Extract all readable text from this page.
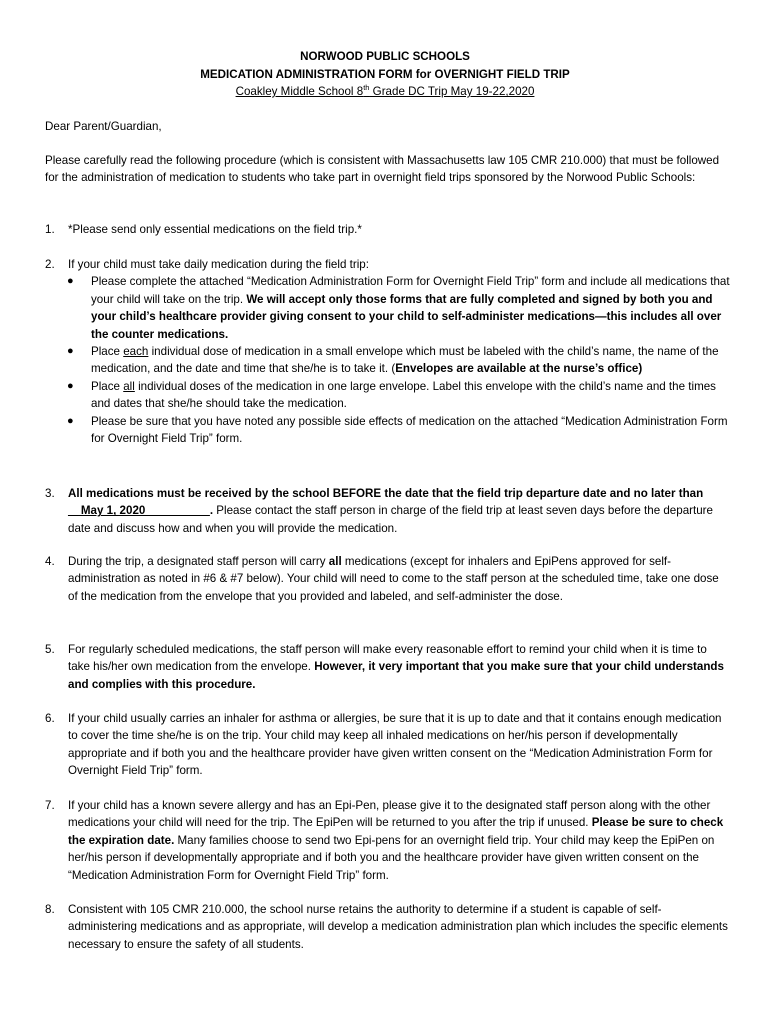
NORWOOD PUBLIC SCHOOLS
MEDICATION ADMINISTRATION FORM for OVERNIGHT FIELD TRIP
Coakley Middle School 8th Grade DC Trip May 19-22,2020
Dear Parent/Guardian,
Please carefully read the following procedure (which is consistent with Massachusetts law 105 CMR 210.000) that must be followed for the administration of medication to students who take part in overnight field trips sponsored by the Norwood Public Schools:
1.	*Please send only essential medications on the field trip.*
2.	If your child must take daily medication during the field trip:
● Please complete the attached “Medication Administration Form for Overnight Field Trip” form and include all medications that your child will take on the trip. We will accept only those forms that are fully completed and signed by both you and your child’s healthcare provider giving consent to your child to self-administer medications—this includes all over the counter medications.
● Place each individual dose of medication in a small envelope which must be labeled with the child’s name, the name of the medication, and the date and time that she/he is to take it. (Envelopes are available at the nurse’s office)
● Place all individual doses of the medication in one large envelope. Label this envelope with the child’s name and the times and dates that she/he should take the medication.
● Please be sure that you have noted any possible side effects of medication on the attached “Medication Administration Form for Overnight Field Trip” form.
3.	All medications must be received by the school BEFORE the date that the field trip departure date and no later than __May 1, 2020__________. Please contact the staff person in charge of the field trip at least seven days before the departure date and discuss how and when you will provide the medication.
4.	During the trip, a designated staff person will carry all medications (except for inhalers and EpiPens approved for self-administration as noted in #6 & #7 below). Your child will need to come to the staff person at the scheduled time, take one dose of the medication from the envelope that you provided and labeled, and self-administer the dose.
5.	For regularly scheduled medications, the staff person will make every reasonable effort to remind your child when it is time to take his/her own medication from the envelope. However, it very important that you make sure that your child understands and complies with this procedure.
6.	If your child usually carries an inhaler for asthma or allergies, be sure that it is up to date and that it contains enough medication to cover the time she/he is on the trip. Your child may keep all inhaled medications on her/his person if developmentally appropriate and if both you and the healthcare provider have given written consent on the “Medication Administration Form for Overnight Field Trip” form.
7.	If your child has a known severe allergy and has an Epi-Pen, please give it to the designated staff person along with the other medications your child will need for the trip. The EpiPen will be returned to you after the trip if unused. Please be sure to check the expiration date. Many families choose to send two Epi-pens for an overnight field trip. Your child may keep the EpiPen on her/his person if developmentally appropriate and if both you and the healthcare provider have given written consent on the “Medication Administration Form for Overnight Field Trip” form.
8.	Consistent with 105 CMR 210.000, the school nurse retains the authority to determine if a student is capable of self-administering medications and as appropriate, will develop a medication administration plan which includes the specific elements necessary to ensure the safety of all students.
